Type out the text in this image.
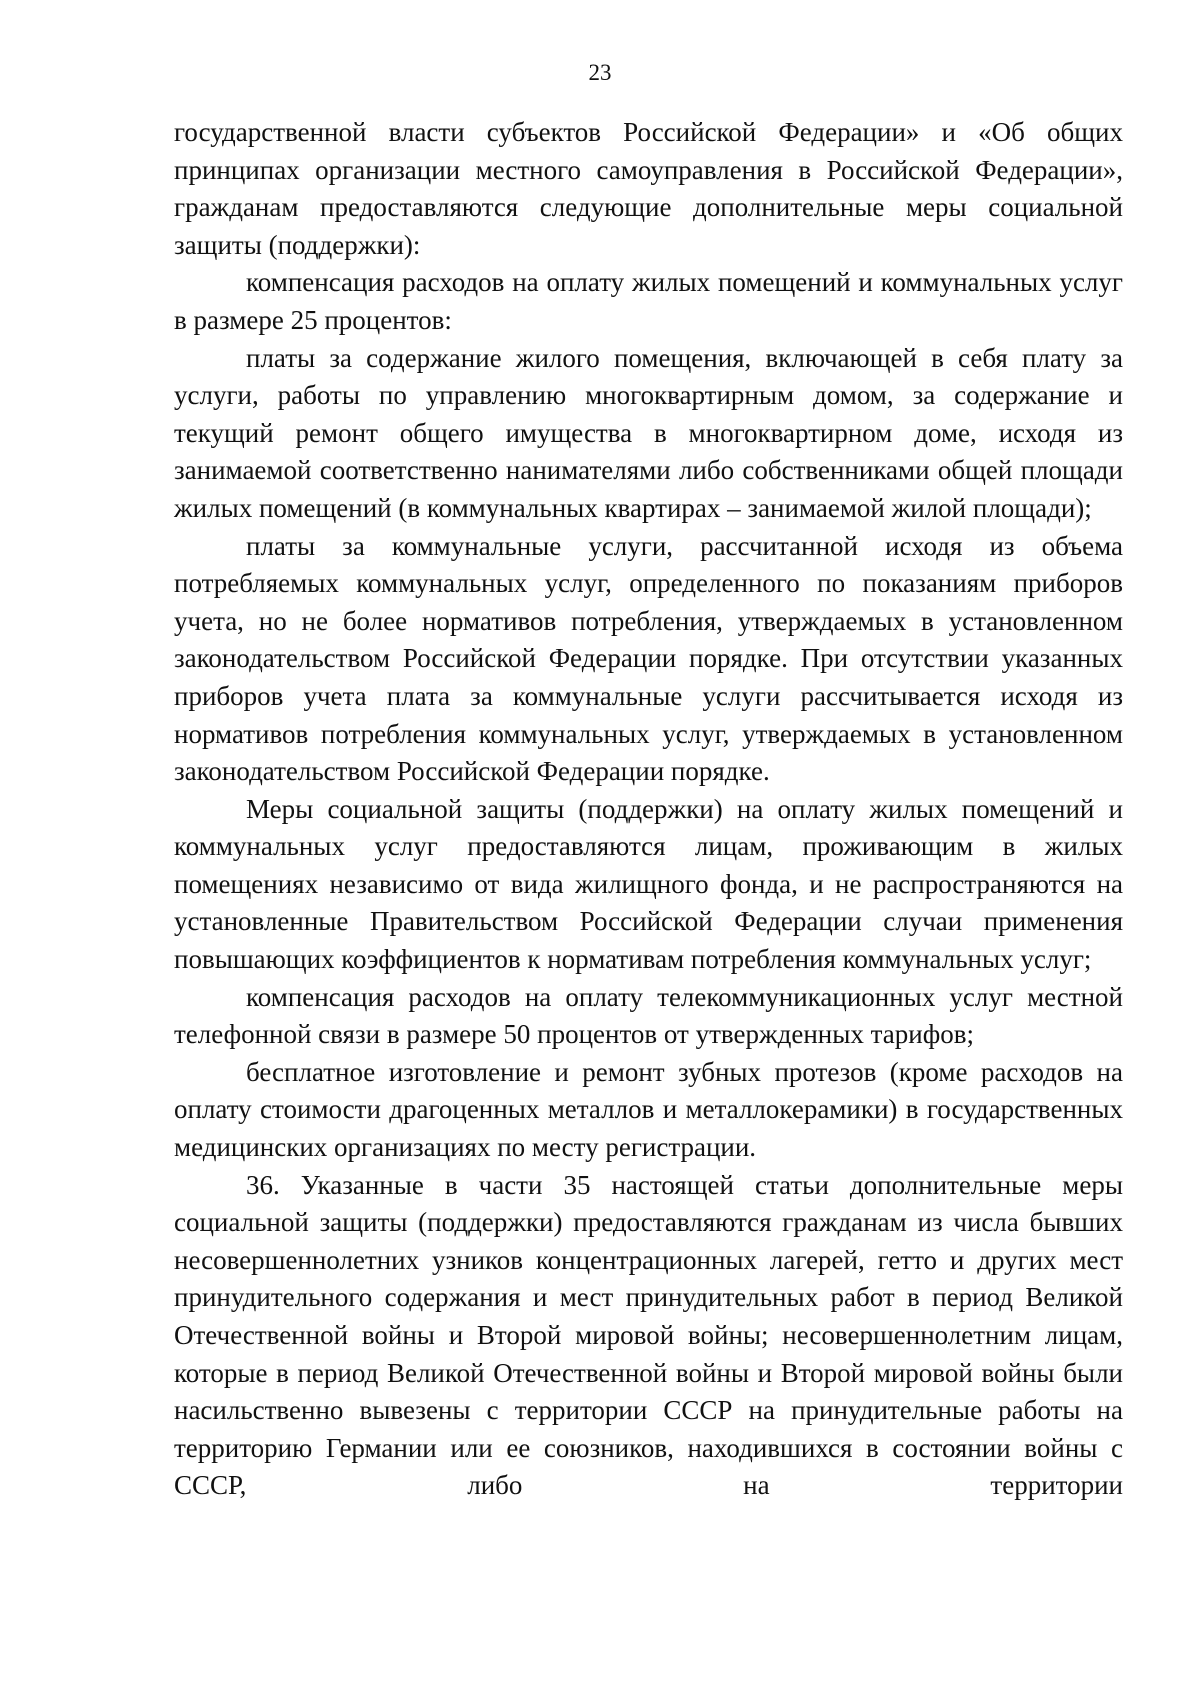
23

государственной власти субъектов Российской Федерации» и «Об общих принципах организации местного самоуправления в Российской Федерации», гражданам предоставляются следующие дополнительные меры социальной защиты (поддержки):

компенсация расходов на оплату жилых помещений и коммунальных услуг в размере 25 процентов:

платы за содержание жилого помещения, включающей в себя плату за услуги, работы по управлению многоквартирным домом, за содержание и текущий ремонт общего имущества в многоквартирном доме, исходя из занимаемой соответственно нанимателями либо собственниками общей площади жилых помещений (в коммунальных квартирах – занимаемой жилой площади);

платы за коммунальные услуги, рассчитанной исходя из объема потребляемых коммунальных услуг, определенного по показаниям приборов учета, но не более нормативов потребления, утверждаемых в установленном законодательством Российской Федерации порядке. При отсутствии указанных приборов учета плата за коммунальные услуги рассчитывается исходя из нормативов потребления коммунальных услуг, утверждаемых в установленном законодательством Российской Федерации порядке.

Меры социальной защиты (поддержки) на оплату жилых помещений и коммунальных услуг предоставляются лицам, проживающим в жилых помещениях независимо от вида жилищного фонда, и не распространяются на установленные Правительством Российской Федерации случаи применения повышающих коэффициентов к нормативам потребления коммунальных услуг;

компенсация расходов на оплату телекоммуникационных услуг местной телефонной связи в размере 50 процентов от утвержденных тарифов;

бесплатное изготовление и ремонт зубных протезов (кроме расходов на оплату стоимости драгоценных металлов и металлокерамики) в государственных медицинских организациях по месту регистрации.

36. Указанные в части 35 настоящей статьи дополнительные меры социальной защиты (поддержки) предоставляются гражданам из числа бывших несовершеннолетних узников концентрационных лагерей, гетто и других мест принудительного содержания и мест принудительных работ в период Великой Отечественной войны и Второй мировой войны; несовершеннолетним лицам, которые в период Великой Отечественной войны и Второй мировой войны были насильственно вывезены с территории СССР на принудительные работы на территорию Германии или ее союзников, находившихся в состоянии войны с СССР, либо на территории
